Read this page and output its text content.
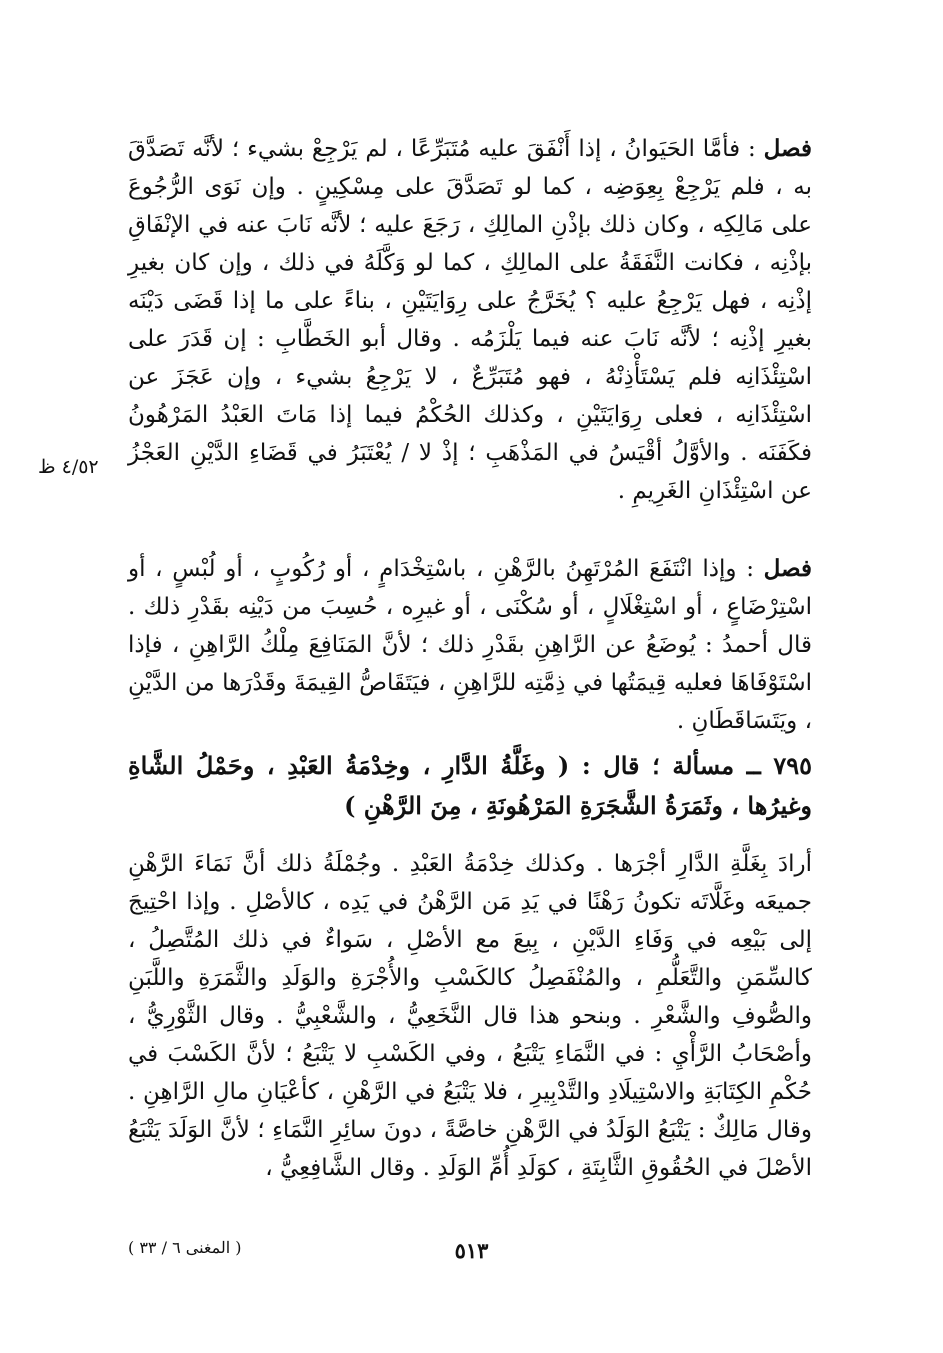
فصل : فأمَّا الحَيَوانُ ، إذا أَنْفَقَ عليه مُتَبَرِّعًا ، لم يَرْجِعْ بشيء ؛ لأنَّه تَصَدَّقَ به ، فلم يَرْجِعْ بِعِوَضِه ، كما لو تَصَدَّقَ على مِسْكِينٍ . وإن نَوَى الرُّجُوعَ على مَالِكِه ، وكان ذلك بإذْنِ المالِكِ ، رَجَعَ عليه ؛ لأنَّه نَابَ عنه في الإنْفَاقِ بإذْنِه ، فكانت النَّفَقَةُ على المالِكِ ، كما لو وَكَّلَهُ في ذلك ، وإن كان بغيرِ إذْنِه ، فهل يَرْجِعُ عليه ؟ يُخَرَّجُ على رِوَايَتَيْنِ ، بناءً على ما إذا قَضَى دَيْنَه بغيرِ إذْنِه ؛ لأنَّه نَابَ عنه فيما يَلْزَمُه . وقال أبو الخَطَّابِ : إن قَدَرَ على اسْتِئْذَانِه فلم يَسْتَأْذِنْهُ ، فهو مُتَبَرِّعٌ ، لا يَرْجِعُ بشيء ، وإن عَجَزَ عن اسْتِئْذَانِه ، فعلى رِوَايَتَيْنِ ، وكذلك الحُكْمُ فيما إذا مَاتَ العَبْدُ المَرْهُونُ فكَفَنَه . والأوَّلُ أقْيَسُ في المَذْهَبِ ؛ إذْ لا / يُعْتَبَرُ في قَضَاءِ الدَّيْنِ العَجْزُ عن اسْتِئْذَانِ الغَرِيمِ .

٤/٥٢ ظ

فصل : وإذا انْتَفَعَ المُرْتَهِنُ بالرَّهْنِ ، باسْتِخْدَامٍ ، أو رُكُوبٍ ، أو لُبْسٍ ، أو اسْتِرْضَاعٍ ، أو اسْتِغْلَالٍ ، أو سُكْنَى ، أو غيرِه ، حُسِبَ من دَيْنِه بقَدْرِ ذلك . قال أحمدُ : يُوضَعُ عن الرَّاهِنِ بقَدْرِ ذلك ؛ لأنَّ المَنَافِعَ مِلْكُ الرَّاهِنِ ، فإذا اسْتَوْفَاهَا فعليه قِيمَتُها في ذِمَّتِه للرَّاهِنِ ، فيَتَقَاصُّ القِيمَةَ وقَدْرَها من الدَّيْنِ ، ويَتَسَاقَطَانِ .

٧٩٥ ــ مسألة ؛ قال : ( وغَلَّةُ الدَّارِ ، وخِدْمَةُ العَبْدِ ، وحَمْلُ الشَّاةِ وغيرُها ، وثَمَرَةُ الشَّجَرَةِ المَرْهُونَةِ ، مِنَ الرَّهْنِ )

أرادَ بِغَلَّةِ الدَّارِ أجْرَها . وكذلك خِدْمَةُ العَبْدِ . وجُمْلَةُ ذلك أنَّ نَمَاءَ الرَّهْنِ جميعَه وغَلَّاتَه تكونُ رَهْنًا في يَدِ مَن الرَّهْنُ في يَدِه ، كالأصْلِ . وإذا احْتِيجَ إلى بَيْعِه في وَفَاءِ الدَّيْنِ ، بِيعَ مع الأصْلِ ، سَواءٌ في ذلك المُتَّصِلُ ، كالسِّمَنِ والتَّعَلُّمِ ، والمُنْفَصِلُ كالكَسْبِ والأُجْرَةِ والوَلَدِ والثَّمَرَةِ واللَّبَنِ والصُّوفِ والشَّعْرِ . وبنحو هذا قال النَّخَعِيُّ ، والشَّعْبِيُّ . وقال الثَّوْرِيُّ ، وأصْحَابُ الرَّأْيِ : في النَّمَاءِ يَتْبَعُ ، وفي الكَسْبِ لا يَتْبَعُ ؛ لأنَّ الكَسْبَ في حُكْمِ الكِتَابَةِ والاسْتِيلَادِ والتَّدْبِيرِ ، فلا يَتْبَعُ في الرَّهْنِ ، كأعْيَانِ مالِ الرَّاهِنِ . وقال مَالِكٌ : يَتْبَعُ الوَلَدُ في الرَّهْنِ خاصَّةً ، دونَ سائِرِ النَّمَاءِ ؛ لأنَّ الوَلَدَ يَتْبَعُ الأصْلَ في الحُقُوقِ الثَّابِتَةِ ، كوَلَدِ أُمِّ الوَلَدِ . وقال الشَّافِعِيُّ ،

( المغنى ٦ / ٣٣ )	٥١٣
